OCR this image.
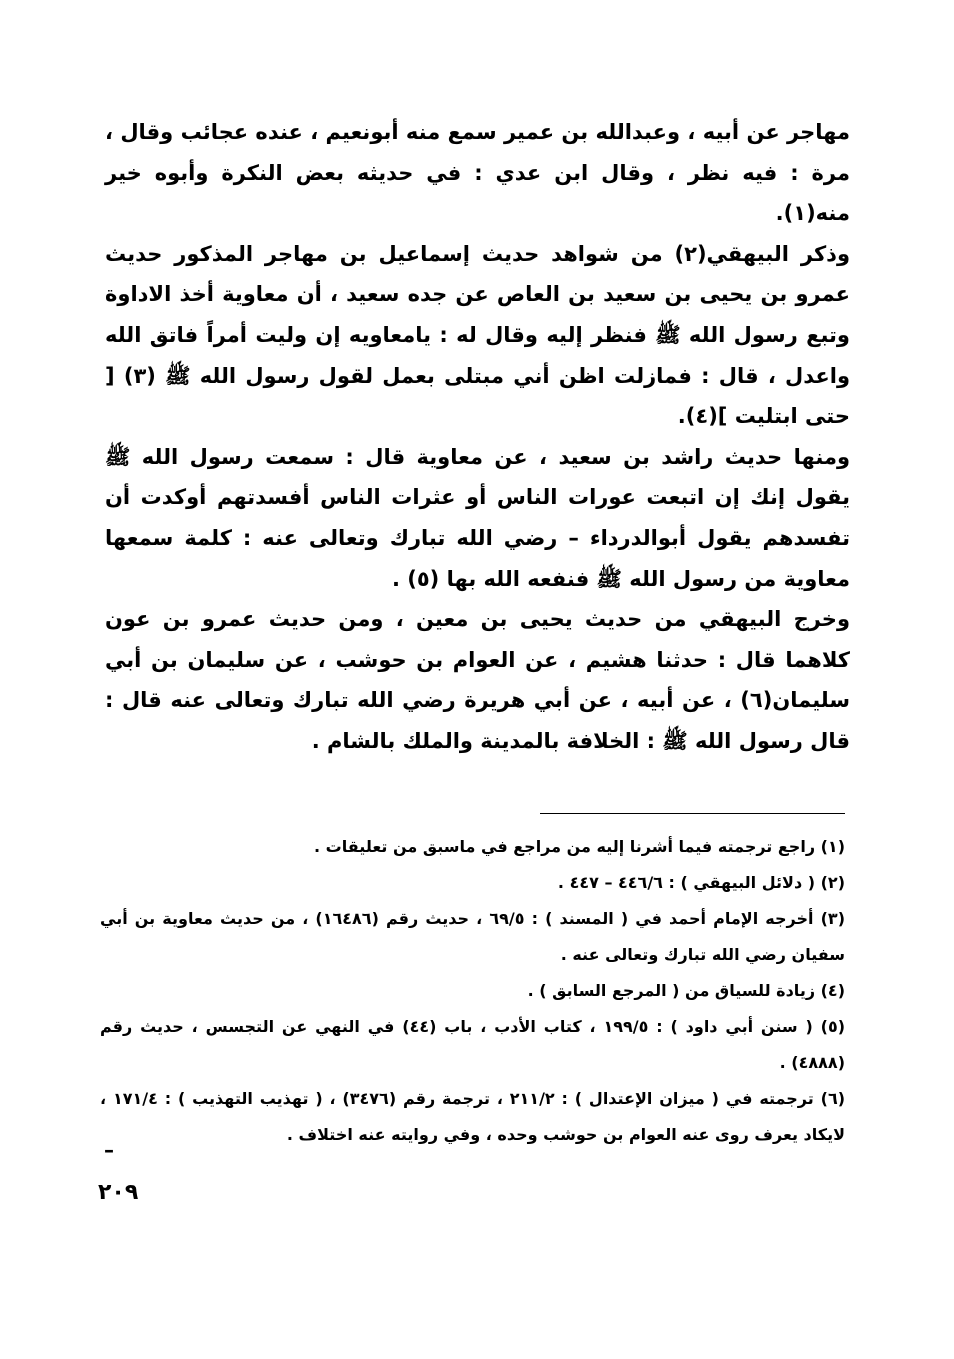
مهاجر عن أبيه ، وعبدالله بن عمير سمع منه أبونعيم ، عنده عجائب وقال ، مرة : فيه نظر ، وقال ابن عدي : في حديثه بعض النكرة وأبوه خير منه(١).

وذكر البيهقي(٢) من شواهد حديث إسماعيل بن مهاجر المذكور حديث عمرو بن يحيى بن سعيد بن العاص عن جده سعيد ، أن معاوية أخذ الاداوة وتبع رسول الله ﷺ فنظر إليه وقال له : يامعاويه إن وليت أمراً فاتق الله واعدل ، قال : فمازلت اظن أني مبتلى بعمل لقول رسول الله ﷺ (٣) [ حتى ابتليت ](٤).

ومنها حديث راشد بن سعيد ، عن معاوية قال : سمعت رسول الله ﷺ يقول إنك إن اتبعت عورات الناس أو عثرات الناس أفسدتهم أوكدت أن تفسدهم يقول أبوالدرداء – رضي الله تبارك وتعالى عنه : كلمة سمعها معاوية من رسول الله ﷺ فنفعه الله بها (٥) .

وخرج البيهقي من حديث يحيى بن معين ، ومن حديث عمرو بن عون كلاهما قال : حدثنا هشيم ، عن العوام بن حوشب ، عن سليمان بن أبي سليمان(٦) ، عن أبيه ، عن أبي هريرة رضي الله تبارك وتعالى عنه قال : قال رسول الله ﷺ : الخلافة بالمدينة والملك بالشام .

(١) راجع ترجمته فيما أشرنا إليه من مراجع في ماسبق من تعليقات .

(٢) ( دلائل البيهقي ) : ٤٤٦/٦ – ٤٤٧ .

(٣) أخرجه الإمام أحمد في ( المسند ) : ٦٩/٥ ، حديث رقم (١٦٤٨٦) ، من حديث معاوية بن أبي سفيان رضي الله تبارك وتعالى عنه .

(٤) زيادة للسياق من ( المرجع السابق ) .

(٥) ( سنن أبي داود ) : ١٩٩/٥ ، كتاب الأدب ، باب (٤٤) في النهي عن التجسس ، حديث رقم (٤٨٨٨) .

(٦) ترجمته في ( ميزان الإعتدال ) : ٢١١/٢ ، ترجمة رقم (٣٤٧٦) ، ( تهذيب التهذيب ) : ١٧١/٤ ، لايكاد يعرف روى عنه العوام بن حوشب وحده ، وفي روايته عنه اختلاف .

–
٢٠٩
